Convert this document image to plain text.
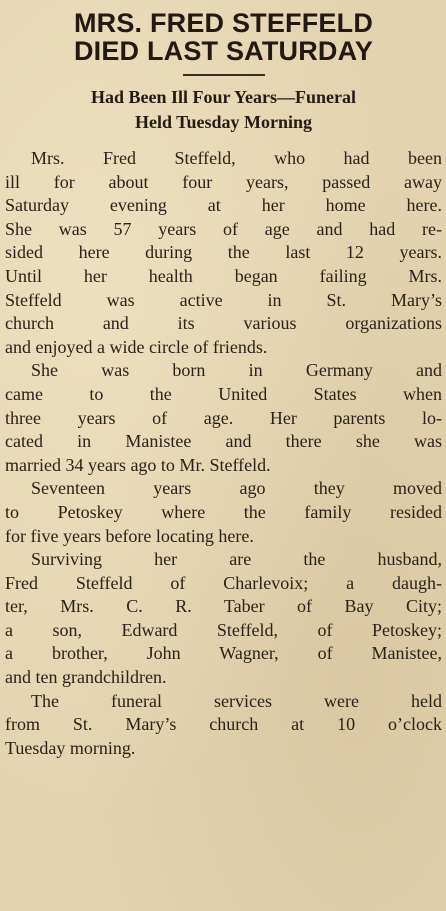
MRS. FRED STEFFELD
DIED LAST SATURDAY
Had Been Ill Four Years—Funeral
Held Tuesday Morning

Mrs. Fred Steffeld, who had been
ill for about four years, passed away
Saturday evening at her home here.
She was 57 years of age and had re-
sided here during the last 12 years.
Until her health began failing Mrs.
Steffeld was active in St. Mary’s
church and its various organizations
and enjoyed a wide circle of friends.

She was born in Germany and
came to the United States when
three years of age. Her parents lo-
cated in Manistee and there she was
married 34 years ago to Mr. Steffeld.

Seventeen years ago they moved
to Petoskey where the family resided
for five years before locating here.

Surviving her are the husband,
Fred Steffeld of Charlevoix; a daugh-
ter, Mrs. C. R. Taber of Bay City;
a son, Edward Steffeld, of Petoskey;
a brother, John Wagner, of Manistee,
and ten grandchildren.

The funeral services were held
from St. Mary’s church at 10 o’clock
Tuesday morning.
